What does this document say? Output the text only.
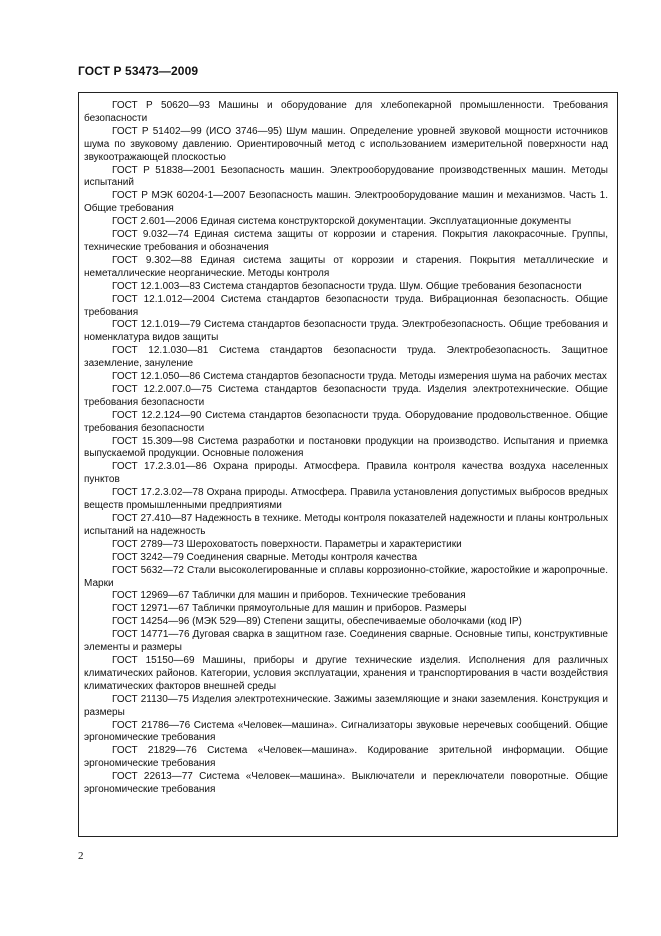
ГОСТ Р 53473—2009

ГОСТ Р 50620—93 Машины и оборудование для хлебопекарной промышленности. Требования безопасности

ГОСТ Р 51402—99 (ИСО 3746—95) Шум машин. Определение уровней звуковой мощности источников шума по звуковому давлению. Ориентировочный метод с использованием измерительной поверхности над звукоотражающей плоскостью

ГОСТ Р 51838—2001 Безопасность машин. Электрооборудование производственных машин. Методы испытаний

ГОСТ Р МЭК 60204-1—2007 Безопасность машин. Электрооборудование машин и механизмов. Часть 1. Общие требования

ГОСТ 2.601—2006 Единая система конструкторской документации. Эксплуатационные документы

ГОСТ 9.032—74 Единая система защиты от коррозии и старения. Покрытия лакокрасочные. Группы, технические требования и обозначения

ГОСТ 9.302—88 Единая система защиты от коррозии и старения. Покрытия металлические и неметаллические неорганические. Методы контроля

ГОСТ 12.1.003—83 Система стандартов безопасности труда. Шум. Общие требования безопасности

ГОСТ 12.1.012—2004 Система стандартов безопасности труда. Вибрационная безопасность. Общие требования

ГОСТ 12.1.019—79 Система стандартов безопасности труда. Электробезопасность. Общие требования и номенклатура видов защиты

ГОСТ 12.1.030—81 Система стандартов безопасности труда. Электробезопасность. Защитное заземление, зануление

ГОСТ 12.1.050—86 Система стандартов безопасности труда. Методы измерения шума на рабочих местах

ГОСТ 12.2.007.0—75 Система стандартов безопасности труда. Изделия электротехнические. Общие требования безопасности

ГОСТ 12.2.124—90 Система стандартов безопасности труда. Оборудование продовольственное. Общие требования безопасности

ГОСТ 15.309—98 Система разработки и постановки продукции на производство. Испытания и приемка выпускаемой продукции. Основные положения

ГОСТ 17.2.3.01—86 Охрана природы. Атмосфера. Правила контроля качества воздуха населенных пунктов

ГОСТ 17.2.3.02—78 Охрана природы. Атмосфера. Правила установления допустимых выбросов вредных веществ промышленными предприятиями

ГОСТ 27.410—87 Надежность в технике. Методы контроля показателей надежности и планы контрольных испытаний на надежность

ГОСТ 2789—73 Шероховатость поверхности. Параметры и характеристики

ГОСТ 3242—79 Соединения сварные. Методы контроля качества

ГОСТ 5632—72 Стали высоколегированные и сплавы коррозионно-стойкие, жаростойкие и жаропрочные. Марки

ГОСТ 12969—67 Таблички для машин и приборов. Технические требования

ГОСТ 12971—67 Таблички прямоугольные для машин и приборов. Размеры

ГОСТ 14254—96 (МЭК 529—89) Степени защиты, обеспечиваемые оболочками (код IP)

ГОСТ 14771—76 Дуговая сварка в защитном газе. Соединения сварные. Основные типы, конструктивные элементы и размеры

ГОСТ 15150—69 Машины, приборы и другие технические изделия. Исполнения для различных климатических районов. Категории, условия эксплуатации, хранения и транспортирования в части воздействия климатических факторов внешней среды

ГОСТ 21130—75 Изделия электротехнические. Зажимы заземляющие и знаки заземления. Конструкция и размеры

ГОСТ 21786—76 Система «Человек—машина». Сигнализаторы звуковые неречевых сообщений. Общие эргономические требования

ГОСТ 21829—76 Система «Человек—машина». Кодирование зрительной информации. Общие эргономические требования

ГОСТ 22613—77 Система «Человек—машина». Выключатели и переключатели поворотные. Общие эргономические требования

2
